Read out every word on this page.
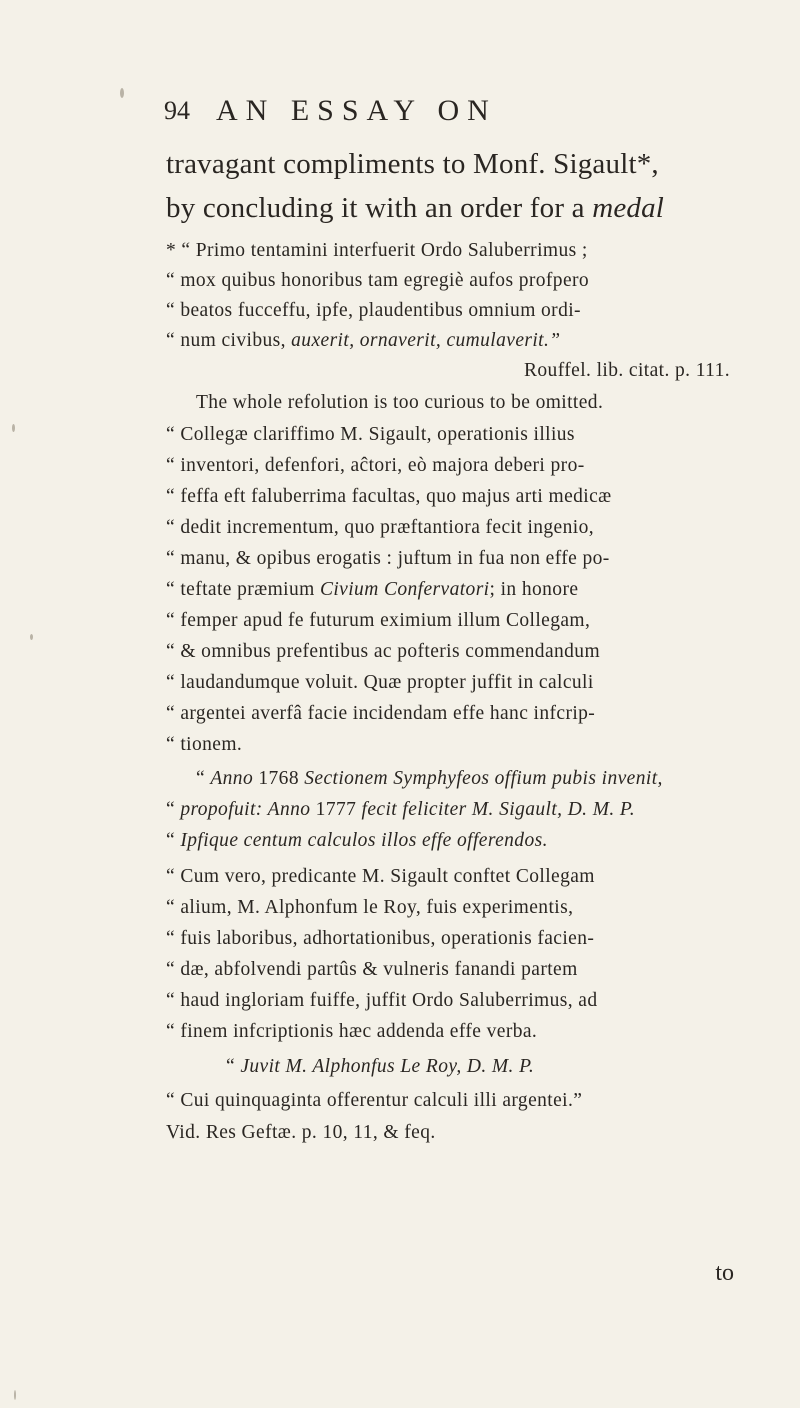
94 AN ESSAY ON
travagant compliments to Monf. Sigault*,
by concluding it with an order for a medal
* “ Primo tentamini interfuerit Ordo Saluberrimus ;
“ mox quibus honoribus tam egregiè aufos profpero
“ beatos fucceffu, ipfe, plaudentibus omnium ordi-
“ num civibus, auxerit, ornaverit, cumulaverit.”
Rouffel. lib. citat. p. 111.
The whole refolution is too curious to be omitted.
“ Collegæ clariffimo M. Sigault, operationis illius
“ inventori, defenfori, aĉtori, eò majora deberi pro-
“ feffa eft faluberrima facultas, quo majus arti medicæ
“ dedit incrementum, quo præftantiora fecit ingenio,
“ manu, & opibus erogatis : juftum in fua non effe po-
“ teftate præmium Civium Confervatori; in honore
“ femper apud fe futurum eximium illum Collegam,
“ & omnibus prefentibus ac pofteris commendandum
“ laudandumque voluit. Quæ propter juffit in calculi
“ argentei averfâ facie incidendam effe hanc infcrip-
“ tionem.
“ Anno 1768 Sectionem Symphyfeos offium pubis invenit,
“ propofuit: Anno 1777 fecit feliciter M. Sigault, D. M. P.
“ Ipfique centum calculos illos effe offerendos.
“ Cum vero, predicante M. Sigault conftet Collegam
“ alium, M. Alphonfum le Roy, fuis experimentis,
“ fuis laboribus, adhortationibus, operationis facien-
“ dæ, abfolvendi partûs & vulneris fanandi partem
“ haud ingloriam fuiffe, juffit Ordo Saluberrimus, ad
“ finem infcriptionis hæc addenda effe verba.
“ Juvit M. Alphonfus Le Roy, D. M. P.
“ Cui quinquaginta offerentur calculi illi argentei.”
Vid. Res Geftæ. p. 10, 11, & feq.
to
